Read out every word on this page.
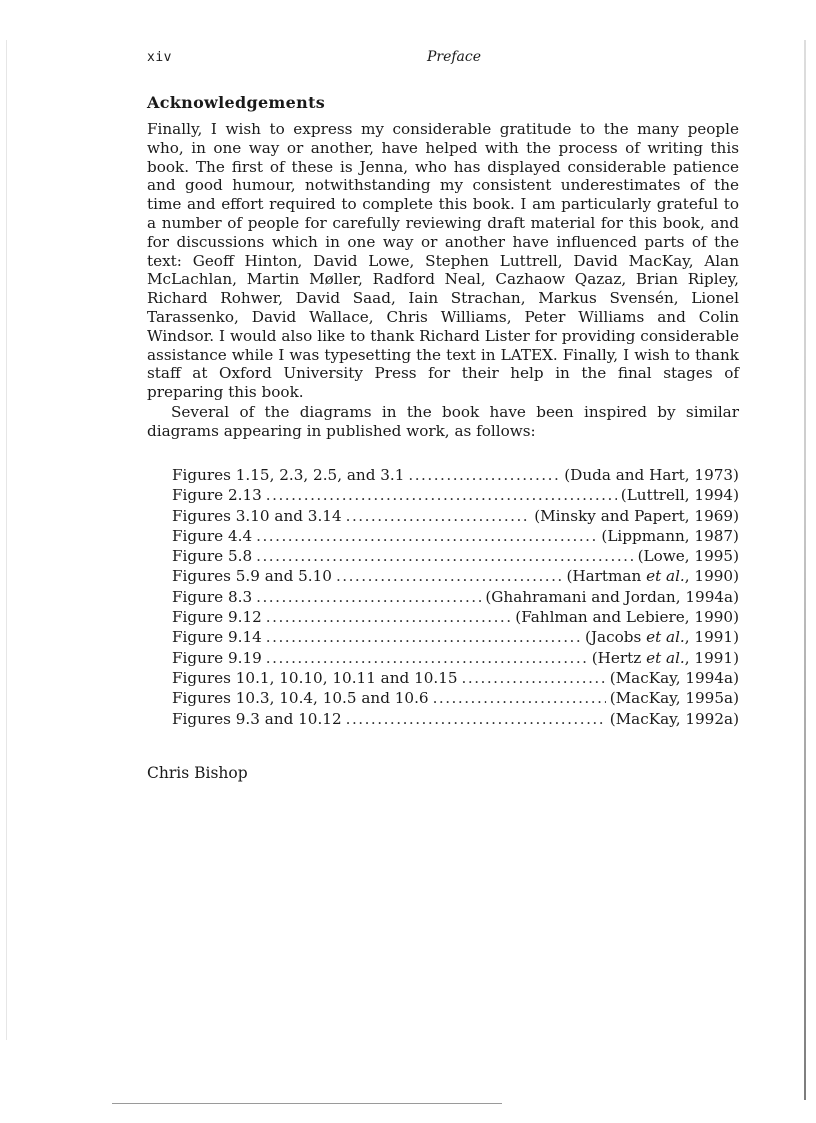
xiv	Preface
Acknowledgements

Finally, I wish to express my considerable gratitude to the many people who, in one way or another, have helped with the process of writing this book. The first of these is Jenna, who has displayed considerable patience and good humour, notwithstanding my consistent underestimates of the time and effort required to complete this book. I am particularly grateful to a number of people for carefully reviewing draft material for this book, and for discussions which in one way or another have influenced parts of the text: Geoff Hinton, David Lowe, Stephen Luttrell, David MacKay, Alan McLachlan, Martin Møller, Radford Neal, Cazhaow Qazaz, Brian Ripley, Richard Rohwer, David Saad, Iain Strachan, Markus Svensén, Lionel Tarassenko, David Wallace, Chris Williams, Peter Williams and Colin Windsor. I would also like to thank Richard Lister for providing considerable assistance while I was typesetting the text in LATEX. Finally, I wish to thank staff at Oxford University Press for their help in the final stages of preparing this book.

Several of the diagrams in the book have been inspired by similar diagrams appearing in published work, as follows:

Figures 1.15, 2.3, 2.5, and 3.1 .....	(Duda and Hart, 1973)
Figure 2.13 .....	(Luttrell, 1994)
Figures 3.10 and 3.14 .....	(Minsky and Papert, 1969)
Figure 4.4 .....	(Lippmann, 1987)
Figure 5.8 .....	(Lowe, 1995)
Figures 5.9 and 5.10 .....	(Hartman et al., 1990)
Figure 8.3 .....	(Ghahramani and Jordan, 1994a)
Figure 9.12 .....	(Fahlman and Lebiere, 1990)
Figure 9.14 .....	(Jacobs et al., 1991)
Figure 9.19 .....	(Hertz et al., 1991)
Figures 10.1, 10.10, 10.11 and 10.15 .....	(MacKay, 1994a)
Figures 10.3, 10.4, 10.5 and 10.6 .....	(MacKay, 1995a)
Figures 9.3 and 10.12 .....	(MacKay, 1992a)
Chris Bishop
